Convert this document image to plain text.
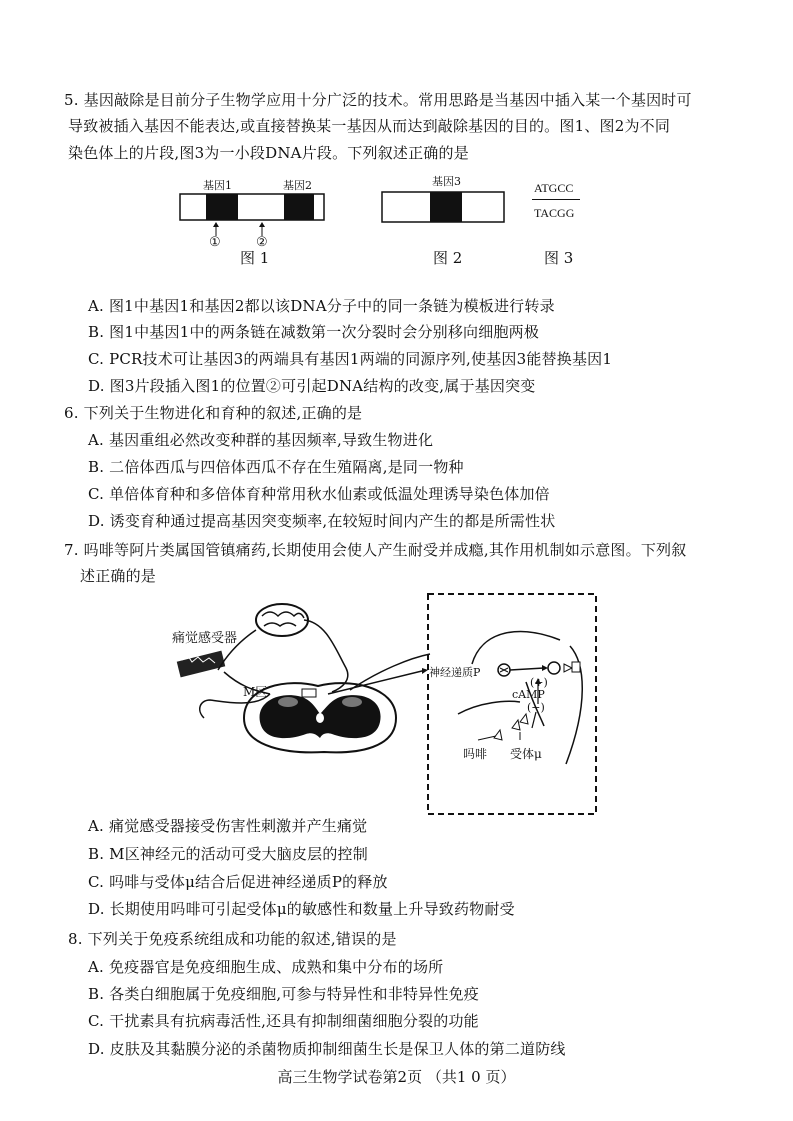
5. 基因敲除是目前分子生物学应用十分广泛的技术。常用思路是当基因中插入某一个基因时可
导致被插入基因不能表达,或直接替换某一基因从而达到敲除基因的目的。图1、图2为不同
染色体上的片段,图3为一小段DNA片段。下列叙述正确的是
基因1	基因2
①	②
图 1
基因3
图 2
ATGCC
TACGG
图 3
A. 图1中基因1和基因2都以该DNA分子中的同一条链为模板进行转录
B. 图1中基因1中的两条链在减数第一次分裂时会分别移向细胞两极
C. PCR技术可让基因3的两端具有基因1两端的同源序列,使基因3能替换基因1
D. 图3片段插入图1的位置②可引起DNA结构的改变,属于基因突变
6. 下列关于生物进化和育种的叙述,正确的是
A. 基因重组必然改变种群的基因频率,导致生物进化
B. 二倍体西瓜与四倍体西瓜不存在生殖隔离,是同一物种
C. 单倍体育种和多倍体育种常用秋水仙素或低温处理诱导染色体加倍
D. 诱变育种通过提高基因突变频率,在较短时间内产生的都是所需性状
7. 吗啡等阿片类属国管镇痛药,长期使用会使人产生耐受并成瘾,其作用机制如示意图。下列叙
述正确的是
痛觉感受器
M区
神经递质P
(+)
cAMP
(−)
吗啡 受体μ
A. 痛觉感受器接受伤害性刺激并产生痛觉
B. M区神经元的活动可受大脑皮层的控制
C. 吗啡与受体μ结合后促进神经递质P的释放
D. 长期使用吗啡可引起受体μ的敏感性和数量上升导致药物耐受
8. 下列关于免疫系统组成和功能的叙述,错误的是
A. 免疫器官是免疫细胞生成、成熟和集中分布的场所
B. 各类白细胞属于免疫细胞,可参与特异性和非特异性免疫
C. 干扰素具有抗病毒活性,还具有抑制细菌细胞分裂的功能
D. 皮肤及其黏膜分泌的杀菌物质抑制细菌生长是保卫人体的第二道防线
高三生物学试卷第2页 （共1 0 页）
